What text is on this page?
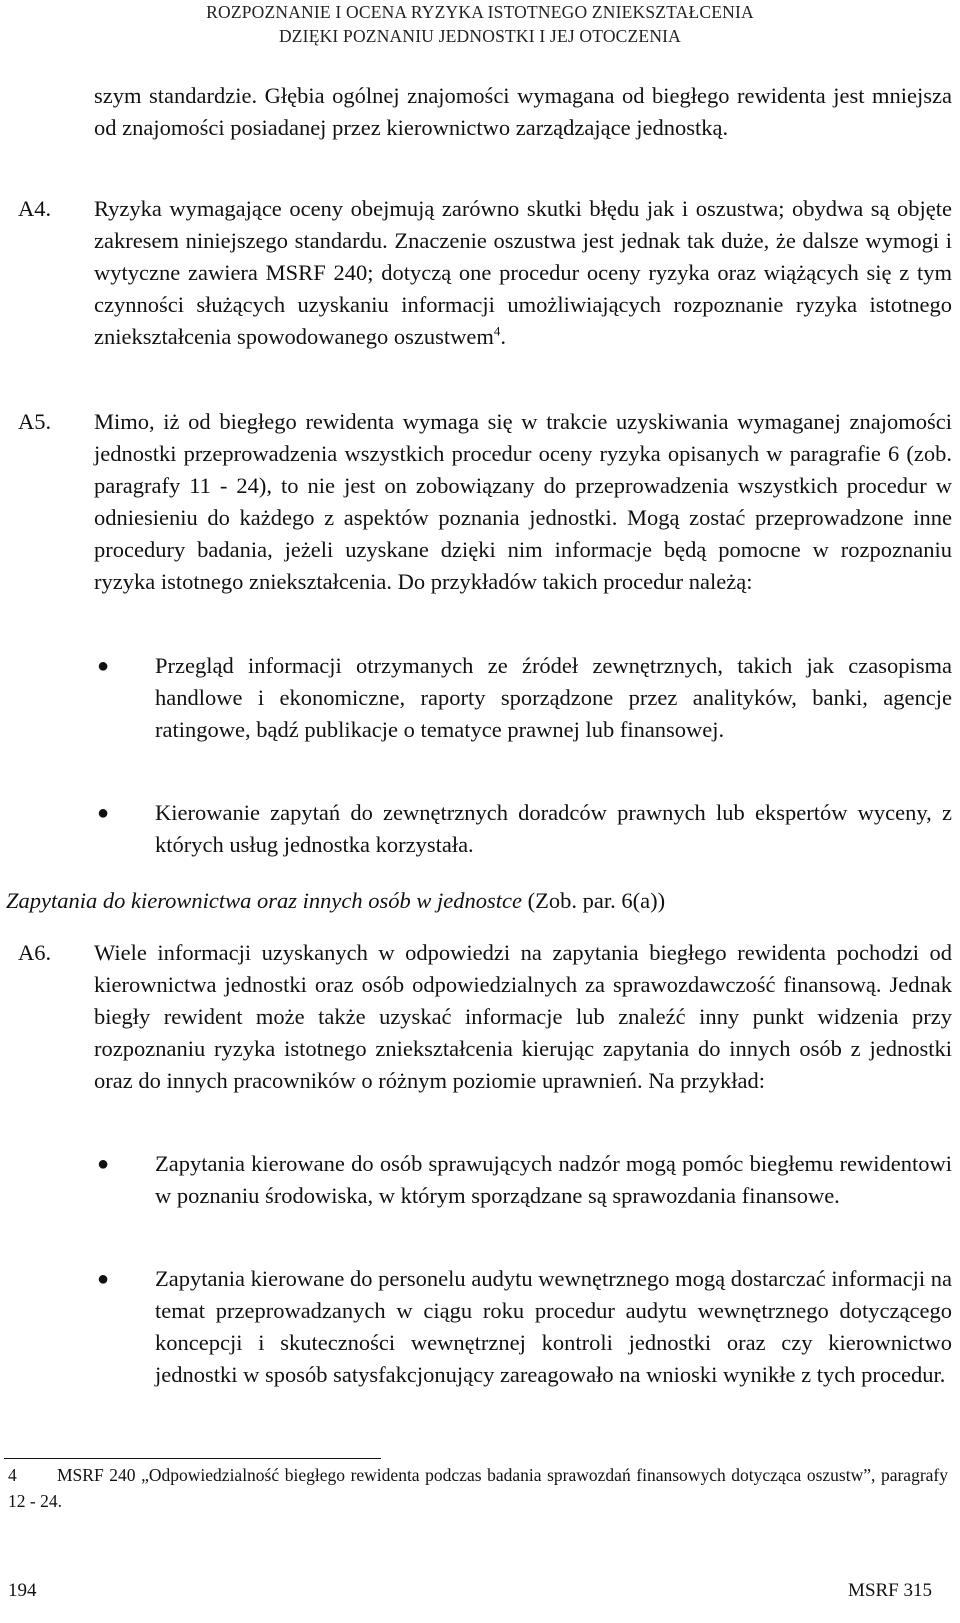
ROZPOZNANIE I OCENA RYZYKA ISTOTNEGO ZNIEKSZTAŁCENIA
DZIĘKI POZNANIU JEDNOSTKI I JEJ OTOCZENIA
szym standardzie. Głębia ogólnej znajomości wymagana od biegłego rewidenta jest mniejsza od znajomości posiadanej przez kierownictwo zarządzające jednostką.
A4. Ryzyka wymagające oceny obejmują zarówno skutki błędu jak i oszustwa; obydwa są objęte zakresem niniejszego standardu. Znaczenie oszustwa jest jednak tak duże, że dalsze wymogi i wytyczne zawiera MSRF 240; dotyczą one procedur oceny ryzyka oraz wiążących się z tym czynności służących uzyskaniu informacji umożliwiających rozpoznanie ryzyka istotnego zniekształcenia spowodowanego oszustwem$^4$.
A5. Mimo, iż od biegłego rewidenta wymaga się w trakcie uzyskiwania wymaganej znajomości jednostki przeprowadzenia wszystkich procedur oceny ryzyka opisanych w paragrafie 6 (zob. paragrafy 11 - 24), to nie jest on zobowiązany do przeprowadzenia wszystkich procedur w odniesieniu do każdego z aspektów poznania jednostki. Mogą zostać przeprowadzone inne procedury badania, jeżeli uzyskane dzięki nim informacje będą pomocne w rozpoznaniu ryzyka istotnego zniekształcenia. Do przykładów takich procedur należą:
● Przegląd informacji otrzymanych ze źródeł zewnętrznych, takich jak czasopisma handlowe i ekonomiczne, raporty sporządzone przez analityków, banki, agencje ratingowe, bądź publikacje o tematyce prawnej lub finansowej.
● Kierowanie zapytań do zewnętrznych doradców prawnych lub ekspertów wyceny, z których usług jednostka korzystała.
Zapytania do kierownictwa oraz innych osób w jednostce (Zob. par. 6(a))
A6. Wiele informacji uzyskanych w odpowiedzi na zapytania biegłego rewidenta pochodzi od kierownictwa jednostki oraz osób odpowiedzialnych za sprawozdawczość finansową. Jednak biegły rewident może także uzyskać informacje lub znaleźć inny punkt widzenia przy rozpoznaniu ryzyka istotnego zniekształcenia kierując zapytania do innych osób z jednostki oraz do innych pracowników o różnym poziomie uprawnień. Na przykład:
● Zapytania kierowane do osób sprawujących nadzór mogą pomóc biegłemu rewidentowi w poznaniu środowiska, w którym sporządzane są sprawozdania finansowe.
● Zapytania kierowane do personelu audytu wewnętrznego mogą dostarczać informacji na temat przeprowadzanych w ciągu roku procedur audytu wewnętrznego dotyczącego koncepcji i skuteczności wewnętrznej kontroli jednostki oraz czy kierownictwo jednostki w sposób satysfakcjonujący zareagowało na wnioski wynikłe z tych procedur.
4	MSRF 240 „Odpowiedzialność biegłego rewidenta podczas badania sprawozdań finansowych dotycząca oszustw”, paragrafy 12 - 24.
194	MSRF 315
